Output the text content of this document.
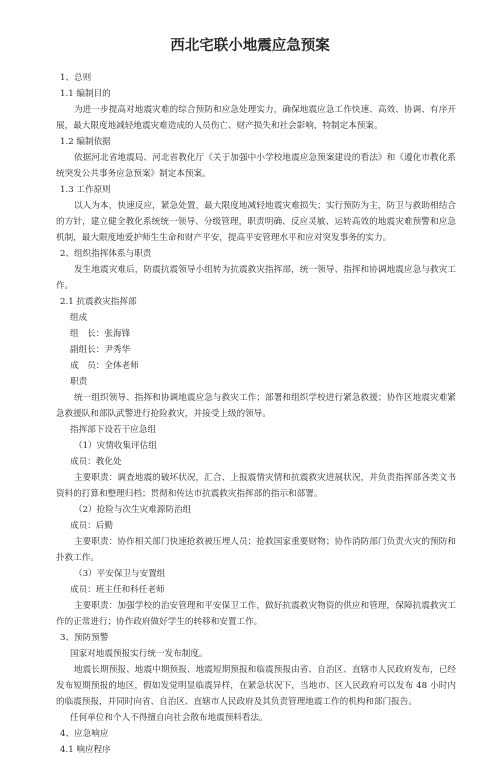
西北宅联小地震应急预案

1、总则

1.1 编制目的

为进一步提高对地震灾难的综合预防和应急处理实力，确保地震应急工作快速、高效、协调、有序开展，最大限度地减轻地震灾难造成的人员伤亡、财产损失和社会影响，特制定本预案。

1.2 编制依据

依据河北省地震局、河北省教化厅《关于加强中小学校地震应急预案建设的看法》和《遵化市教化系统突发公共事务应急预案》制定本预案。

1.3 工作原则

以人为本，快速反应，紧急处置，最大限度地减轻地震灾难损失；实行预防为主，防卫与救助相结合的方针，建立健全教化系统统一领导、分级管理，职责明确、反应灵敏、运转高效的地震灾难预警和应急机制，最大限度地爱护师生生命和财产平安，提高平安管理水平和应对突发事务的实力。

2、组织指挥体系与职责

发生地震灾难后，防震抗震领导小组转为抗震救灾指挥部，统一领导、指挥和协调地震应急与救灾工作。

2.1 抗震救灾指挥部

组成

组　长：张海锋

副组长：尹秀华

成　员：全体老师

职责

统一组织领导、指挥和协调地震应急与救灾工作；部署和组织学校进行紧急救援；协作区地震灾难紧急救援队和部队武警进行抢险救灾，并接受上级的领导。

指挥部下设若干应急组

（1）灾情收集评估组

成员：教化处

主要职责：调查地震的破坏状况，汇合、上报震情灾情和抗震救灾进展状况，并负责指挥部各类文书资料的打算和整理归档；贯彻和传达市抗震救灾指挥部的指示和部署。

（2）抢险与次生灾难源防治组

成员：后勤

主要职责：协作相关部门快速抢救被压埋人员；抢救国家重要财物；协作消防部门负责火灾的预防和扑救工作。

（3）平安保卫与安置组

成员：班主任和科任老师

主要职责：加强学校的治安管理和平安保卫工作，做好抗震救灾物资的供应和管理，保障抗震救灾工作的正常进行；协作政府做好学生的转移和安置工作。

3、预防预警

国家对地震预报实行统一发布制度。

地震长期预报、地震中期预报、地震短期预报和临震预报由省、自治区、直辖市人民政府发布，已经发布短期预报的地区，假如发觉明显临震异样，在紧急状况下，当地市、区人民政府可以发布 48 小时内的临震预报，并同时向省、自治区、直辖市人民政府及其负责管理地震工作的机构和部门报告。

任何单位和个人不得擅自向社会散布地震预料看法。

4、应急响应

4.1 响应程序
